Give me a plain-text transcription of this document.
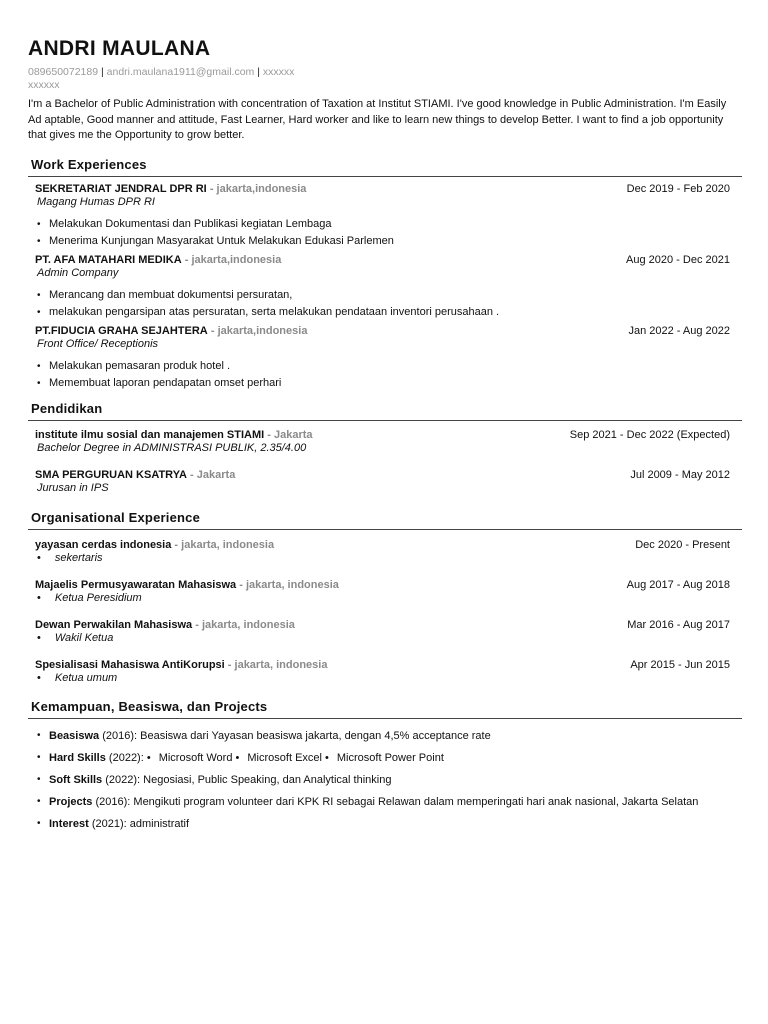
ANDRI MAULANA
089650072189 | andri.maulana1911@gmail.com | xxxxxx
xxxxxx
I'm a Bachelor of Public Administration with concentration of Taxation at Institut STIAMI. I've good knowledge in Public Administration. I'm Easily Ad aptable, Good manner and attitude, Fast Learner, Hard worker and like to learn new things to develop Better. I want to find a job opportunity that gives me the Opportunity to grow better.
Work Experiences
SEKRETARIAT JENDRAL DPR RI - jakarta,indonesia	Dec 2019 - Feb 2020
Magang Humas DPR RI
• Melakukan Dokumentasi dan Publikasi kegiatan Lembaga
• Menerima Kunjungan Masyarakat Untuk Melakukan Edukasi Parlemen
PT. AFA MATAHARI MEDIKA - jakarta,indonesia	Aug 2020 - Dec 2021
Admin Company
• Merancang dan membuat dokumentsi persuratan,
• melakukan pengarsipan atas persuratan, serta melakukan pendataan inventori perusahaan .
PT.FIDUCIA GRAHA SEJAHTERA - jakarta,indonesia	Jan 2022 - Aug 2022
Front Office/ Receptionis
• Melakukan pemasaran produk hotel .
• Memembuat laporan pendapatan omset perhari
Pendidikan
institute ilmu sosial dan manajemen STIAMI - Jakarta	Sep 2021 - Dec 2022 (Expected)
Bachelor Degree in ADMINISTRASI PUBLIK, 2.35/4.00
SMA PERGURUAN KSATRYA - Jakarta	Jul 2009 - May 2012
Jurusan in IPS
Organisational Experience
yayasan cerdas indonesia - jakarta, indonesia	Dec 2020 - Present
• sekertaris
Majaelis Permusyawaratan Mahasiswa - jakarta, indonesia	Aug 2017 - Aug 2018
• Ketua Peresidium
Dewan Perwakilan Mahasiswa - jakarta, indonesia	Mar 2016 - Aug 2017
• Wakil Ketua
Spesialisasi Mahasiswa AntiKorupsi - jakarta, indonesia	Apr 2015 - Jun 2015
• Ketua umum
Kemampuan, Beasiswa, dan Projects
• Beasiswa (2016): Beasiswa dari Yayasan beasiswa jakarta, dengan 4,5% acceptance rate
• Hard Skills (2022): • Microsoft Word • Microsoft Excel • Microsoft Power Point
• Soft Skills (2022): Negosiasi, Public Speaking, dan Analytical thinking
• Projects (2016): Mengikuti program volunteer dari KPK RI sebagai Relawan dalam memperingati hari anak nasional, Jakarta Selatan
• Interest (2021): administratif
